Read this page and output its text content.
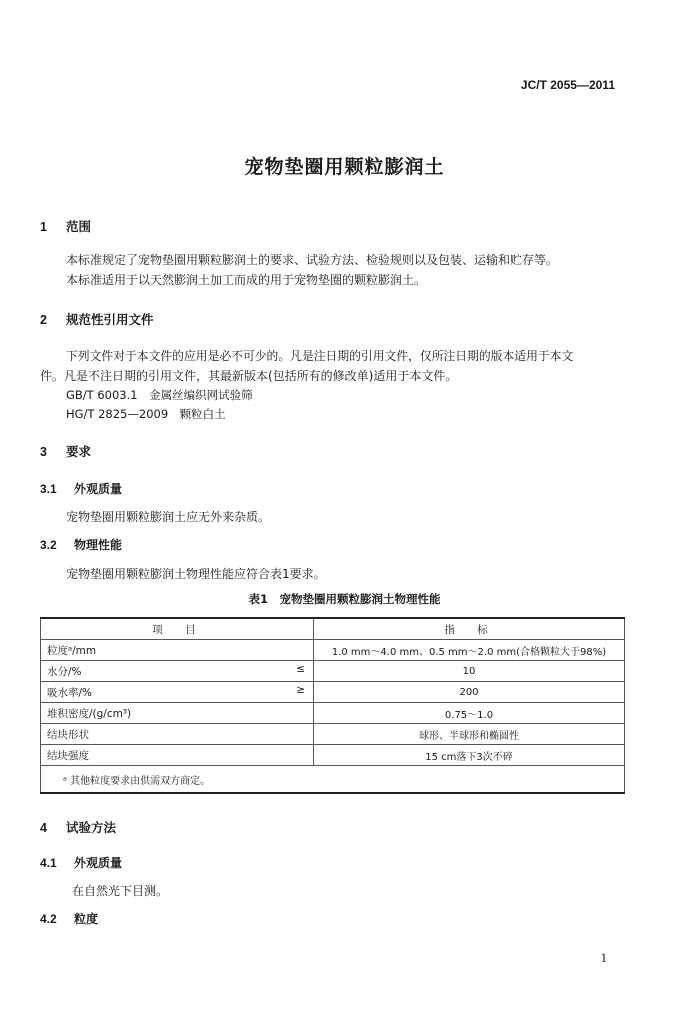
JC/T 2055—2011
宠物垫圈用颗粒膨润土
1 范围
本标准规定了宠物垫圈用颗粒膨润土的要求、试验方法、检验规则以及包装、运输和贮存等。
本标准适用于以天然膨润土加工而成的用于宠物垫圈的颗粒膨润土。
2 规范性引用文件
下列文件对于本文件的应用是必不可少的。凡是注日期的引用文件，仅所注日期的版本适用于本文
件。凡是不注日期的引用文件，其最新版本(包括所有的修改单)适用于本文件。
GB/T 6003.1　金属丝编织网试验筛
HG/T 2825—2009　颗粒白土
3 要求
3.1 外观质量
宠物垫圈用颗粒膨润土应无外来杂质。
3.2 物理性能
宠物垫圈用颗粒膨润土物理性能应符合表1要求。
表1　宠物垫圈用颗粒膨润土物理性能
项　目	指　标
粒度ᵃ/mm	1.0 mm～4.0 mm、0.5 mm～2.0 mm(合格颗粒大于98%)
水分/% ≤	10
吸水率/% ≥	200
堆积密度/(g/cm³)	0.75～1.0
结块形状	球形、半球形和椭圆性
结块强度	15 cm落下3次不碎
ᵃ 其他粒度要求由供需双方商定。	
4 试验方法
4.1 外观质量
在自然光下目测。
4.2 粒度
1
